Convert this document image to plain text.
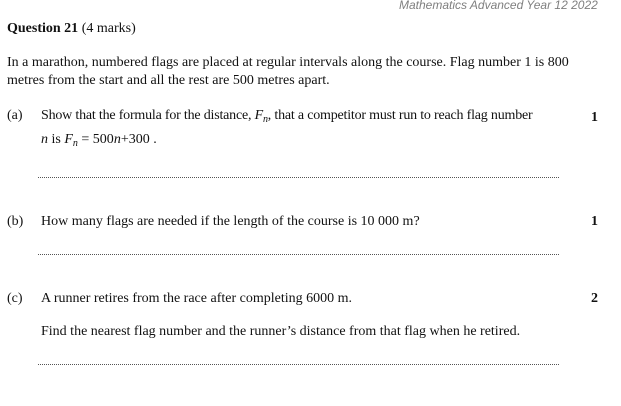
Mathematics Advanced Year 12 2022
Question 21 (4 marks)
In a marathon, numbered flags are placed at regular intervals along the course. Flag number 1 is 800 metres from the start and all the rest are 500 metres apart.
(a) Show that the formula for the distance, $F_n$, that a competitor must run to reach flag number
n is $F_n = 500n+300$ .
1
(b) How many flags are needed if the length of the course is 10 000 m?	1
(c) A runner retires from the race after completing 6000 m.	2
Find the nearest flag number and the runner’s distance from that flag when he retired.
